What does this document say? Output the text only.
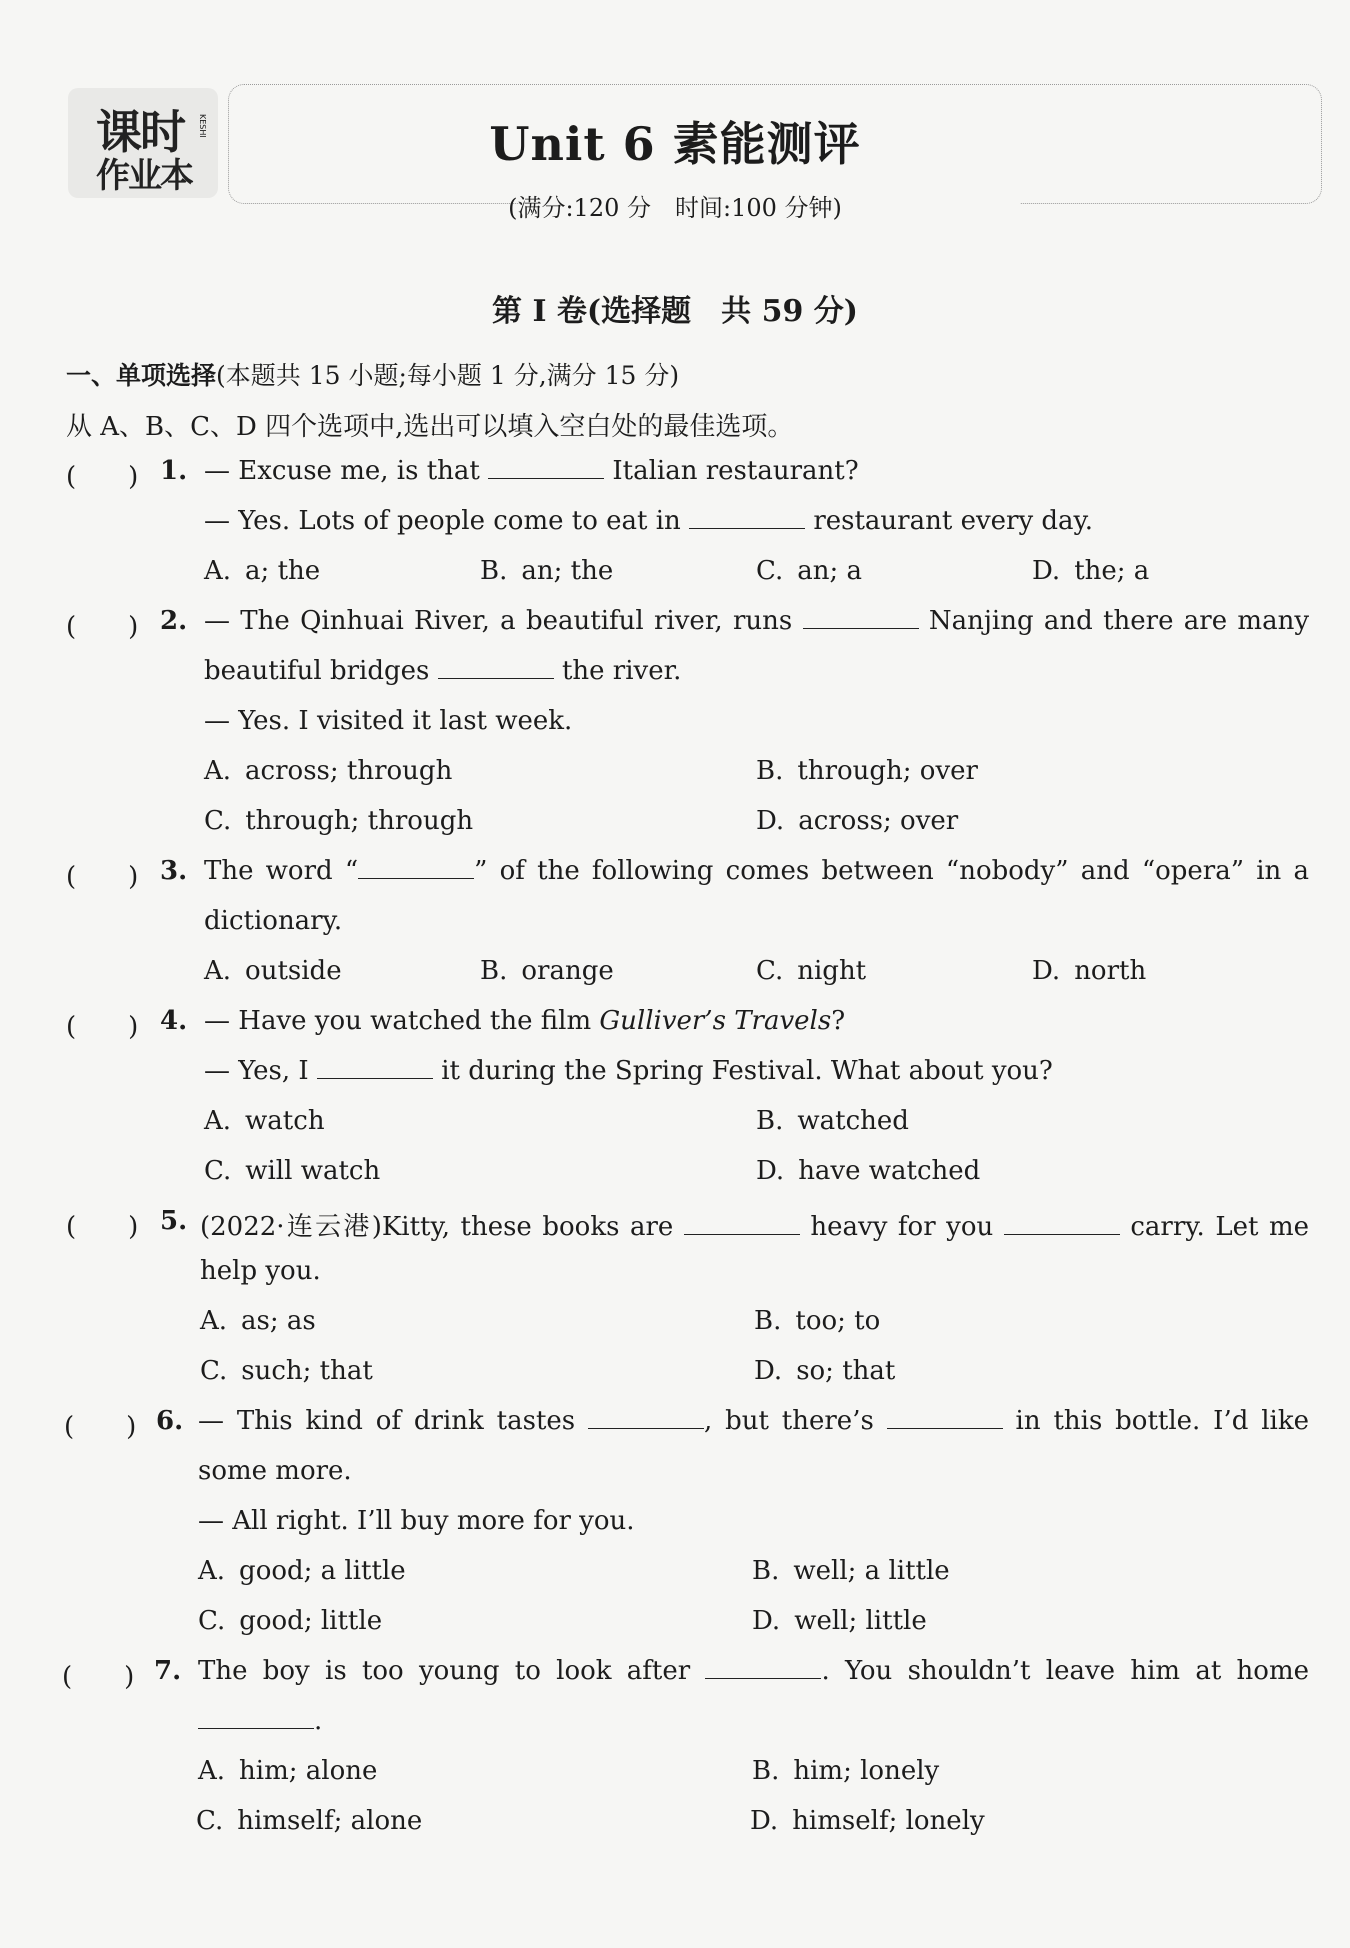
课时
作业本
KESHI	Unit 6 素能测评
(满分:120 分　时间:100 分钟)
第 I 卷(选择题　共 59 分)
一、单项选择(本题共 15 小题;每小题 1 分,满分 15 分)
从 A、B、C、D 四个选项中,选出可以填入空白处的最佳选项。
(　　) 1. — Excuse me, is that	Italian restaurant?
— Yes. Lots of people come to eat in	restaurant every day.
A. a; the	B. an; the	C. an; a	D. the; a
(　　) 2. — The Qinhuai River, a beautiful river, runs	Nanjing and there are many
beautiful bridges	the river.
— Yes. I visited it last week.
A. across; through	B. through; over
C. through; through	D. across; over
(　　) 3. The word “	” of the following comes between “nobody” and “opera” in a
dictionary.
A. outside	B. orange	C. night	D. north
(　　) 4. — Have you watched the film Gulliver’s Travels?
— Yes, I	it during the Spring Festival. What about you?
A. watch	B. watched
C. will watch	D. have watched
(　　) 5. (2022·连云港)Kitty, these books are	heavy for you	carry. Let me
help you.
A. as; as	B. too; to
C. such; that	D. so; that
(　　) 6. — This kind of drink tastes	, but there’s	in this bottle. I’d like
some more.
— All right. I’ll buy more for you.
A. good; a little	B. well; a little
C. good; little	D. well; little
(　　) 7. The boy is too young to look after	. You shouldn’t leave him at home
.
A. him; alone	B. him; lonely
C. himself; alone	D. himself; lonely
